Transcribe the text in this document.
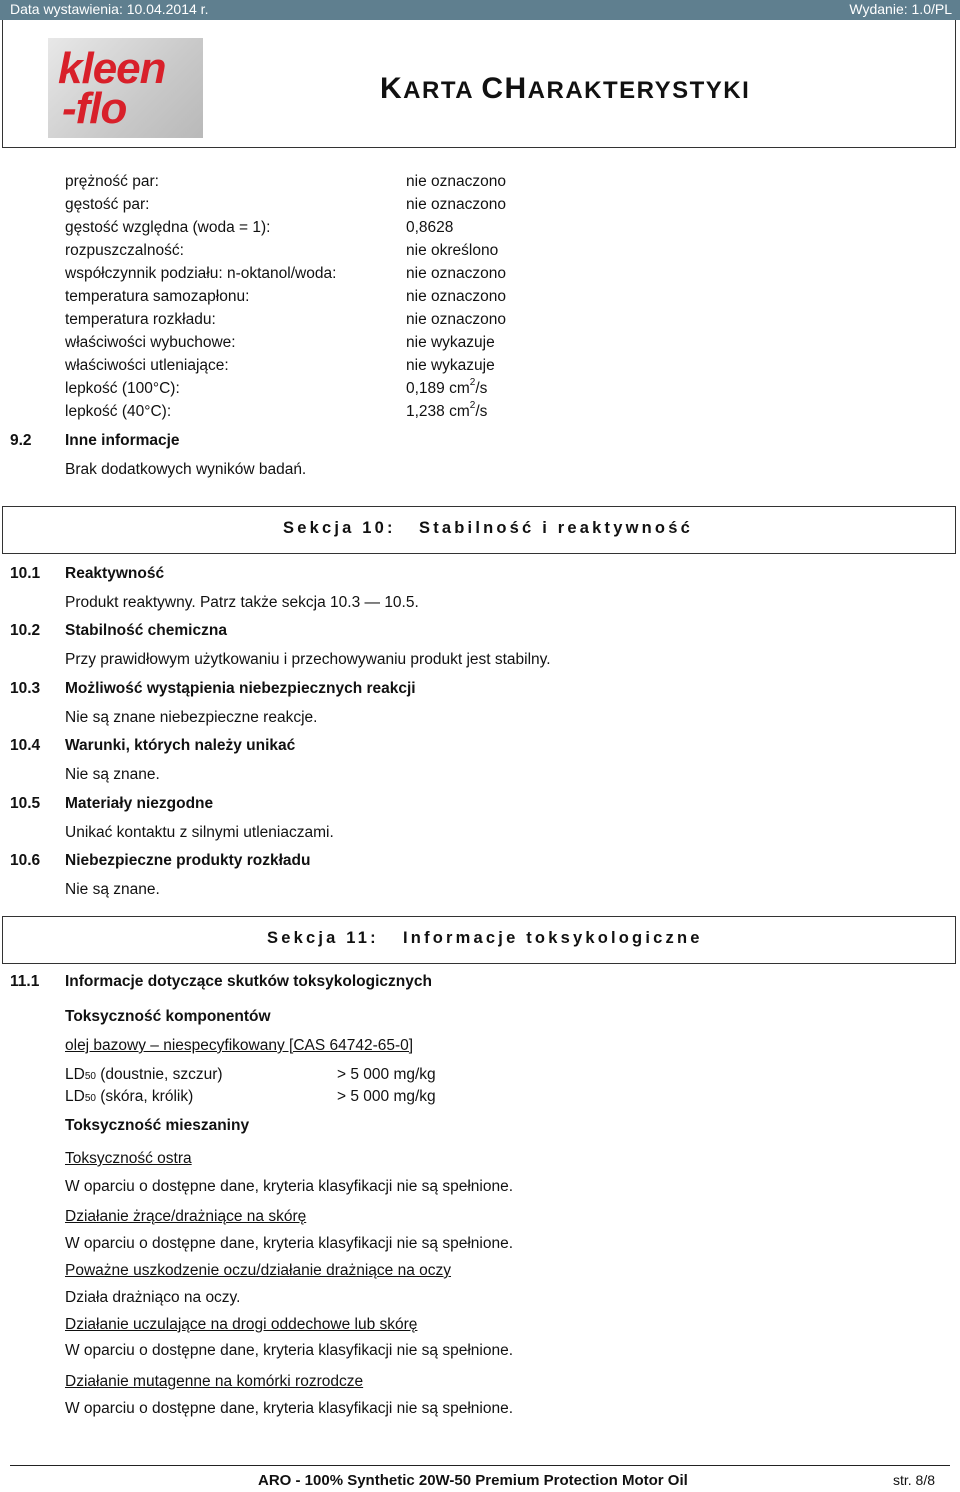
Data wystawienia: 10.04.2014 r.	Wydanie: 1.0/PL
kleen
-flo	KARTA CHARAKTERYSTYKI
prężność par:	nie oznaczono
gęstość par:	nie oznaczono
gęstość względna (woda = 1):	0,8628
rozpuszczalność:	nie określono
współczynnik podziału: n-oktanol/woda:	nie oznaczono
temperatura samozapłonu:	nie oznaczono
temperatura rozkładu:	nie oznaczono
właściwości wybuchowe:	nie wykazuje
właściwości utleniające:	nie wykazuje
lepkość (100°C):	0,189 $cm^2/s$
lepkość (40°C):	1,238 $cm^2/s$
9.2 Inne informacje
Brak dodatkowych wyników badań.
Sekcja 10: Stabilność i reaktywność
10.1 Reaktywność
Produkt reaktywny. Patrz także sekcja 10.3 — 10.5.
10.2 Stabilność chemiczna
Przy prawidłowym użytkowaniu i przechowywaniu produkt jest stabilny.
10.3 Możliwość wystąpienia niebezpiecznych reakcji
Nie są znane niebezpieczne reakcje.
10.4 Warunki, których należy unikać
Nie są znane.
10.5 Materiały niezgodne
Unikać kontaktu z silnymi utleniaczami.
10.6 Niebezpieczne produkty rozkładu
Nie są znane.
Sekcja 11: Informacje toksykologiczne
11.1 Informacje dotyczące skutków toksykologicznych
Toksyczność komponentów
olej bazowy – niespecyfikowany [CAS 64742-65-0]
LD50 (doustnie, szczur)	> 5 000 mg/kg
LD50 (skóra, królik)	> 5 000 mg/kg
Toksyczność mieszaniny
Toksyczność ostra
W oparciu o dostępne dane, kryteria klasyfikacji nie są spełnione.
Działanie żrące/drażniące na skórę
W oparciu o dostępne dane, kryteria klasyfikacji nie są spełnione.
Poważne uszkodzenie oczu/działanie drażniące na oczy
Działa drażniąco na oczy.
Działanie uczulające na drogi oddechowe lub skórę
W oparciu o dostępne dane, kryteria klasyfikacji nie są spełnione.
Działanie mutagenne na komórki rozrodcze
W oparciu o dostępne dane, kryteria klasyfikacji nie są spełnione.
ARO - 100% Synthetic 20W-50 Premium Protection Motor Oil	str. 8/8
